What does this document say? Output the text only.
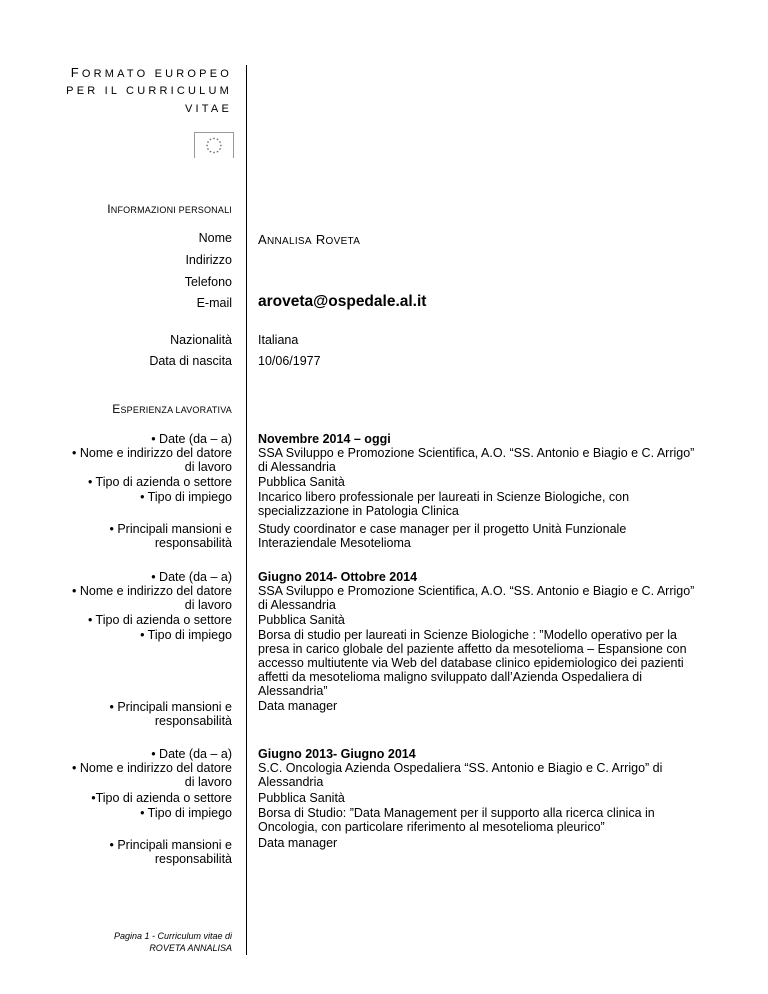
FORMATO EUROPEO
PER IL CURRICULUM
VITAE
INFORMAZIONI PERSONALI
Nome ANNALISA ROVETA
Indirizzo
Telefono
E-mail aroveta@ospedale.al.it
Nazionalità Italiana
Data di nascita 10/06/1977
ESPERIENZA LAVORATIVA
• Date (da – a)
• Nome e indirizzo del datore
di lavoro
• Tipo di azienda o settore
• Tipo di impiego
• Principali mansioni e
responsabilità
Novembre 2014 – oggi
SSA Sviluppo e Promozione Scientifica, A.O. “SS. Antonio e Biagio e C. Arrigo”
di Alessandria
Pubblica Sanità
Incarico libero professionale per laureati in Scienze Biologiche, con
specializzazione in Patologia Clinica
Study coordinator e case manager per il progetto Unità Funzionale
Interaziendale Mesotelioma
• Date (da – a)
• Nome e indirizzo del datore
di lavoro
• Tipo di azienda o settore
• Tipo di impiego
• Principali mansioni e
responsabilità
Giugno 2014- Ottobre 2014
SSA Sviluppo e Promozione Scientifica, A.O. “SS. Antonio e Biagio e C. Arrigo”
di Alessandria
Pubblica Sanità
Borsa di studio per laureati in Scienze Biologiche : ”Modello operativo per la
presa in carico globale del paziente affetto da mesotelioma – Espansione con
accesso multiutente via Web del database clinico epidemiologico dei pazienti
affetti da mesotelioma maligno sviluppato dall’Azienda Ospedaliera di
Alessandria”
Data manager
• Date (da – a)
• Nome e indirizzo del datore
di lavoro
•Tipo di azienda o settore
• Tipo di impiego
• Principali mansioni e
responsabilità
Giugno 2013- Giugno 2014
S.C. Oncologia Azienda Ospedaliera “SS. Antonio e Biagio e C. Arrigo” di
Alessandria
Pubblica Sanità
Borsa di Studio: ”Data Management per il supporto alla ricerca clinica in
Oncologia, con particolare riferimento al mesotelioma pleurico”
Data manager
Pagina 1 - Curriculum vitae di
ROVETA ANNALISA
